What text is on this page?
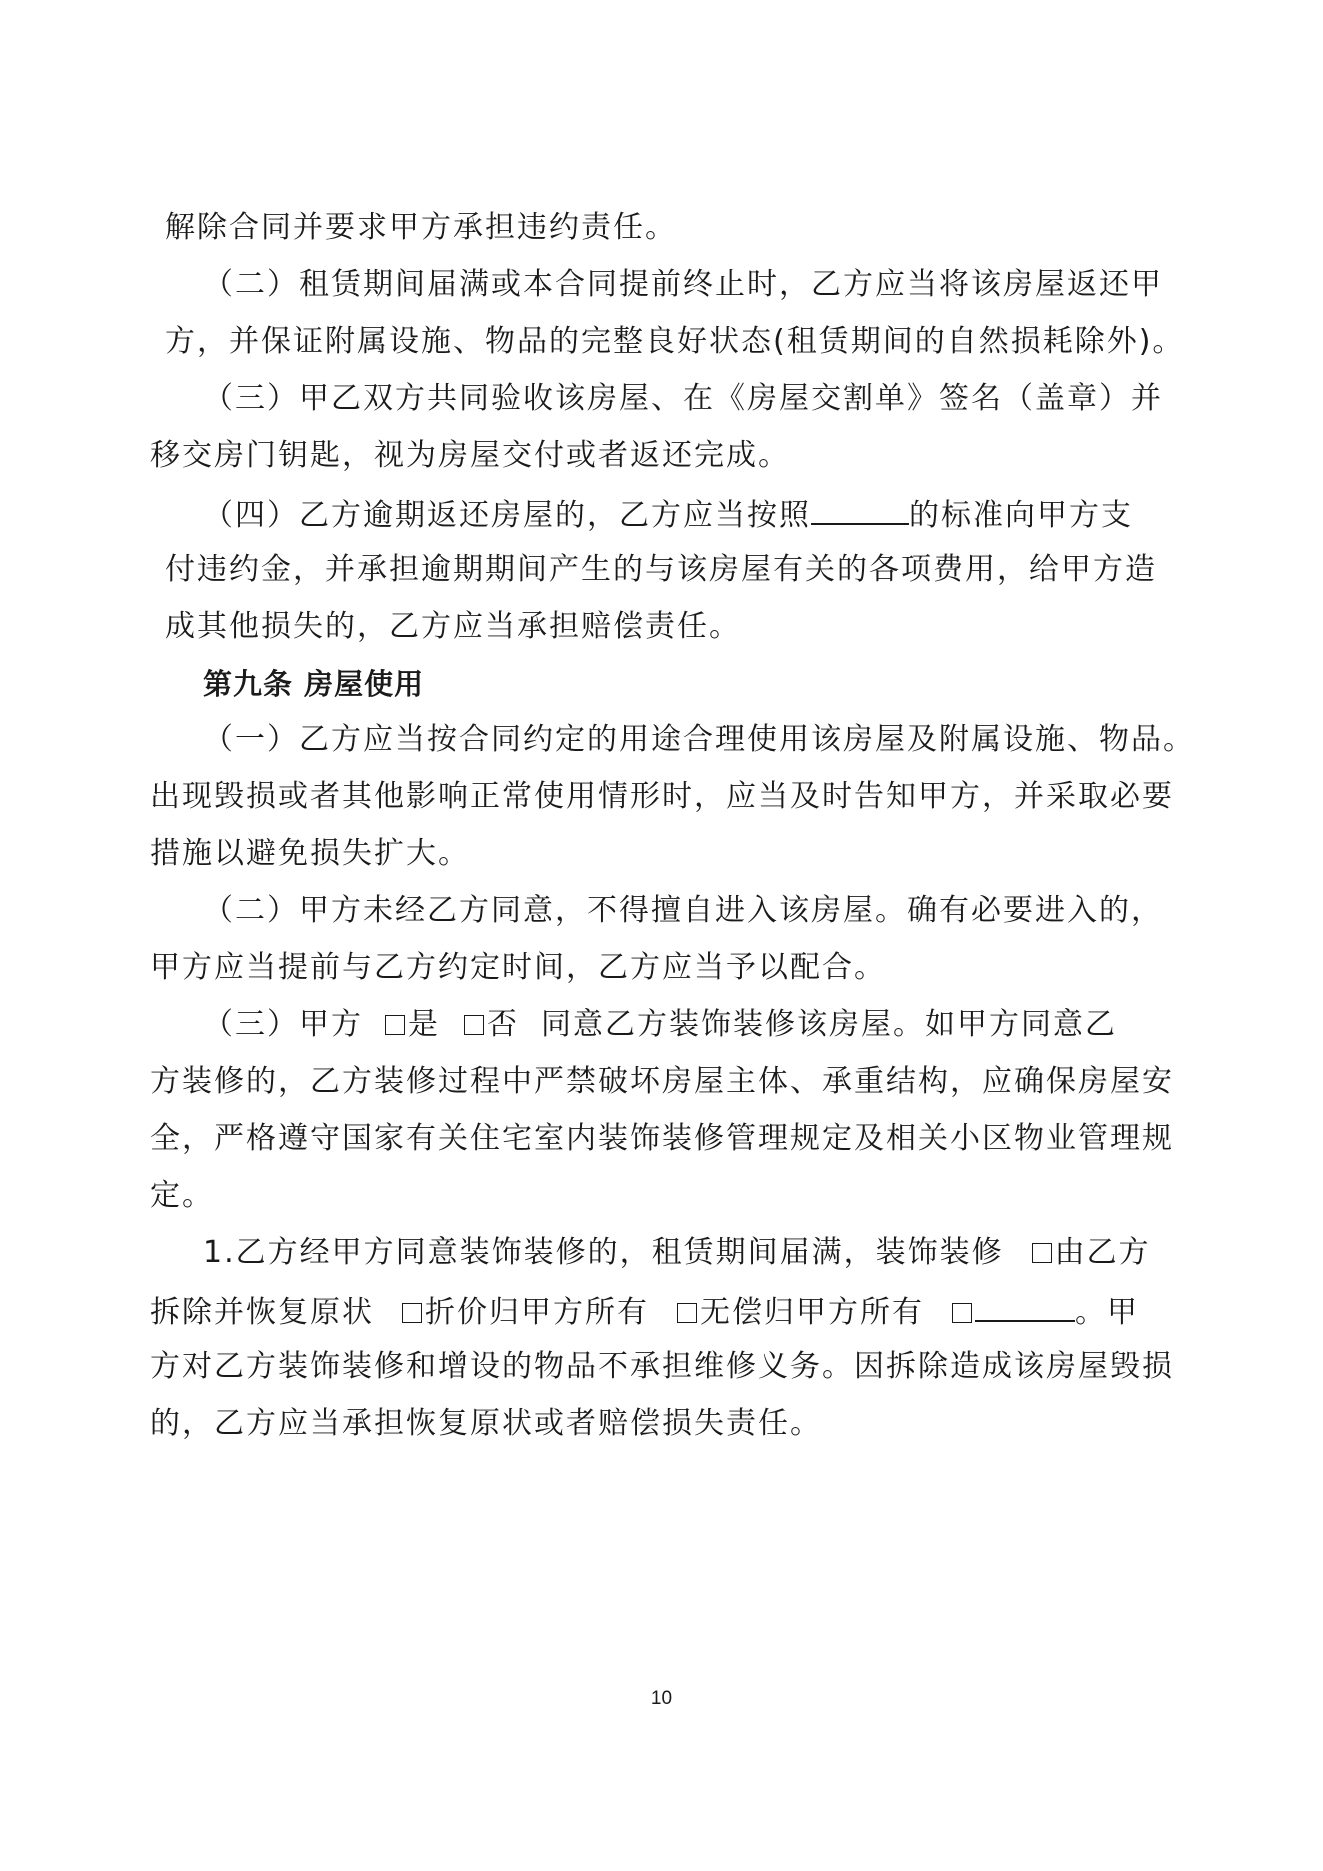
解除合同并要求甲方承担违约责任。
（二）租赁期间届满或本合同提前终止时，乙方应当将该房屋返还甲
方，并保证附属设施、物品的完整良好状态(租赁期间的自然损耗除外)。
（三）甲乙双方共同验收该房屋、在《房屋交割单》签名（盖章）并
移交房门钥匙，视为房屋交付或者返还完成。
（四）乙方逾期返还房屋的，乙方应当按照	的标准向甲方支
付违约金，并承担逾期期间产生的与该房屋有关的各项费用，给甲方造
成其他损失的，乙方应当承担赔偿责任。
第九条 房屋使用
（一）乙方应当按合同约定的用途合理使用该房屋及附属设施、物品。
出现毁损或者其他影响正常使用情形时，应当及时告知甲方，并采取必要
措施以避免损失扩大。
（二）甲方未经乙方同意，不得擅自进入该房屋。确有必要进入的，
甲方应当提前与乙方约定时间，乙方应当予以配合。
（三）甲方 是 否 同意乙方装饰装修该房屋。如甲方同意乙
方装修的，乙方装修过程中严禁破坏房屋主体、承重结构，应确保房屋安
全，严格遵守国家有关住宅室内装饰装修管理规定及相关小区物业管理规
定。
1.乙方经甲方同意装饰装修的，租赁期间届满，装饰装修 由乙方
拆除并恢复原状 折价归甲方所有 无偿归甲方所有	。甲
方对乙方装饰装修和增设的物品不承担维修义务。因拆除造成该房屋毁损
的，乙方应当承担恢复原状或者赔偿损失责任。
10
